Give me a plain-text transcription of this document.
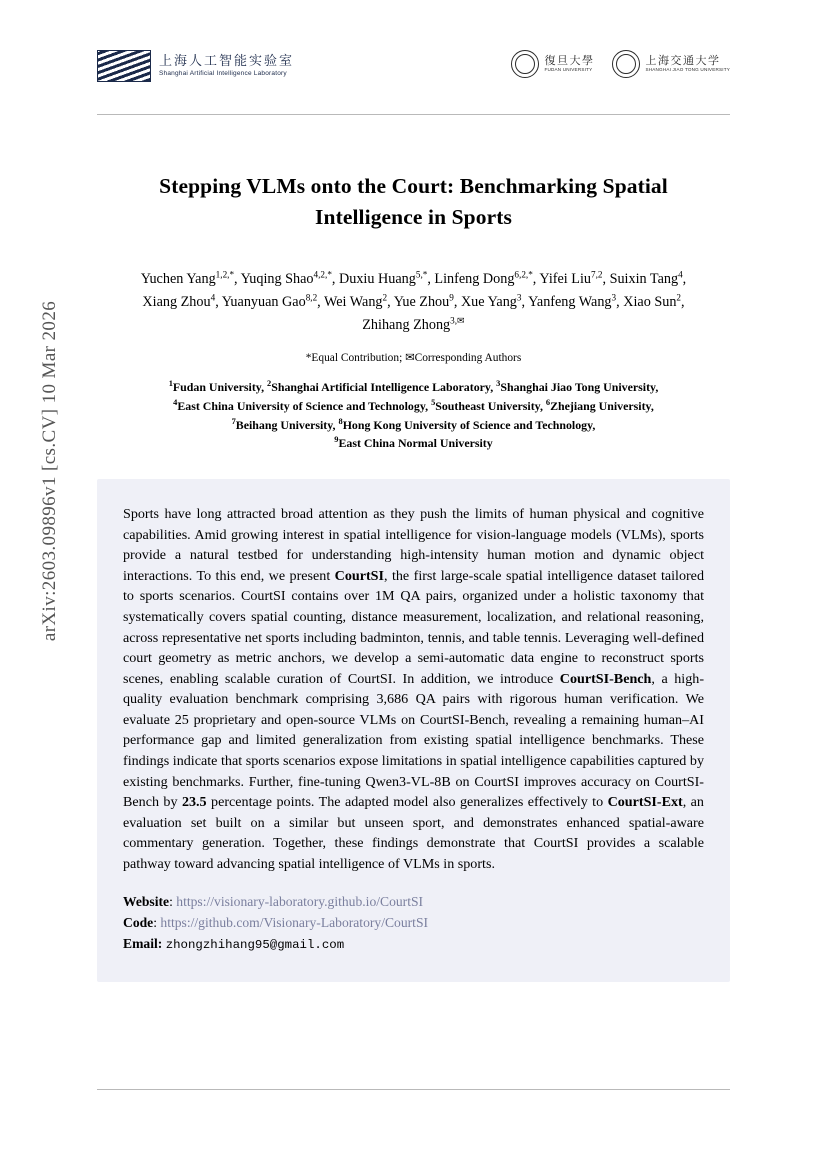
arXiv:2603.09896v1 [cs.CV] 10 Mar 2026
上海人工智能实验室
Shanghai Artificial Intelligence Laboratory
復旦大學
FUDAN UNIVERSITY
上海交通大学
SHANGHAI JIAO TONG UNIVERSITY
Stepping VLMs onto the Court: Benchmarking Spatial Intelligence in Sports
Yuchen Yang$^{1,2,*}$, Yuqing Shao$^{4,2,*}$, Duxiu Huang$^{5,*}$, Linfeng Dong$^{6,2,*}$, Yifei Liu$^{7,2}$, Suixin Tang$^4$,
Xiang Zhou$^4$, Yuanyuan Gao$^{8,2}$, Wei Wang$^2$, Yue Zhou$^9$, Xue Yang$^3$, Yanfeng Wang$^3$, Xiao Sun$^2$,
Zhihang Zhong$^{3,✉}$
*Equal Contribution; ✉Corresponding Authors
$^1$Fudan University, $^2$Shanghai Artificial Intelligence Laboratory, $^3$Shanghai Jiao Tong University,
$^4$East China University of Science and Technology, $^5$Southeast University, $^6$Zhejiang University,
$^7$Beihang University, $^8$Hong Kong University of Science and Technology,
$^9$East China Normal University
Sports have long attracted broad attention as they push the limits of human physical and cognitive capabilities. Amid growing interest in spatial intelligence for vision-language models (VLMs), sports provide a natural testbed for understanding high-intensity human motion and dynamic object interactions. To this end, we present CourtSI, the first large-scale spatial intelligence dataset tailored to sports scenarios. CourtSI contains over 1M QA pairs, organized under a holistic taxonomy that systematically covers spatial counting, distance measurement, localization, and relational reasoning, across representative net sports including badminton, tennis, and table tennis. Leveraging well-defined court geometry as metric anchors, we develop a semi-automatic data engine to reconstruct sports scenes, enabling scalable curation of CourtSI. In addition, we introduce CourtSI-Bench, a high-quality evaluation benchmark comprising 3,686 QA pairs with rigorous human verification. We evaluate 25 proprietary and open-source VLMs on CourtSI-Bench, revealing a remaining human–AI performance gap and limited generalization from existing spatial intelligence benchmarks. These findings indicate that sports scenarios expose limitations in spatial intelligence capabilities captured by existing benchmarks. Further, fine-tuning Qwen3-VL-8B on CourtSI improves accuracy on CourtSI-Bench by 23.5 percentage points. The adapted model also generalizes effectively to CourtSI-Ext, an evaluation set built on a similar but unseen sport, and demonstrates enhanced spatial-aware commentary generation. Together, these findings demonstrate that CourtSI provides a scalable pathway toward advancing spatial intelligence of VLMs in sports.
Website: https://visionary-laboratory.github.io/CourtSI
Code: https://github.com/Visionary-Laboratory/CourtSI
Email: zhongzhihang95@gmail.com
